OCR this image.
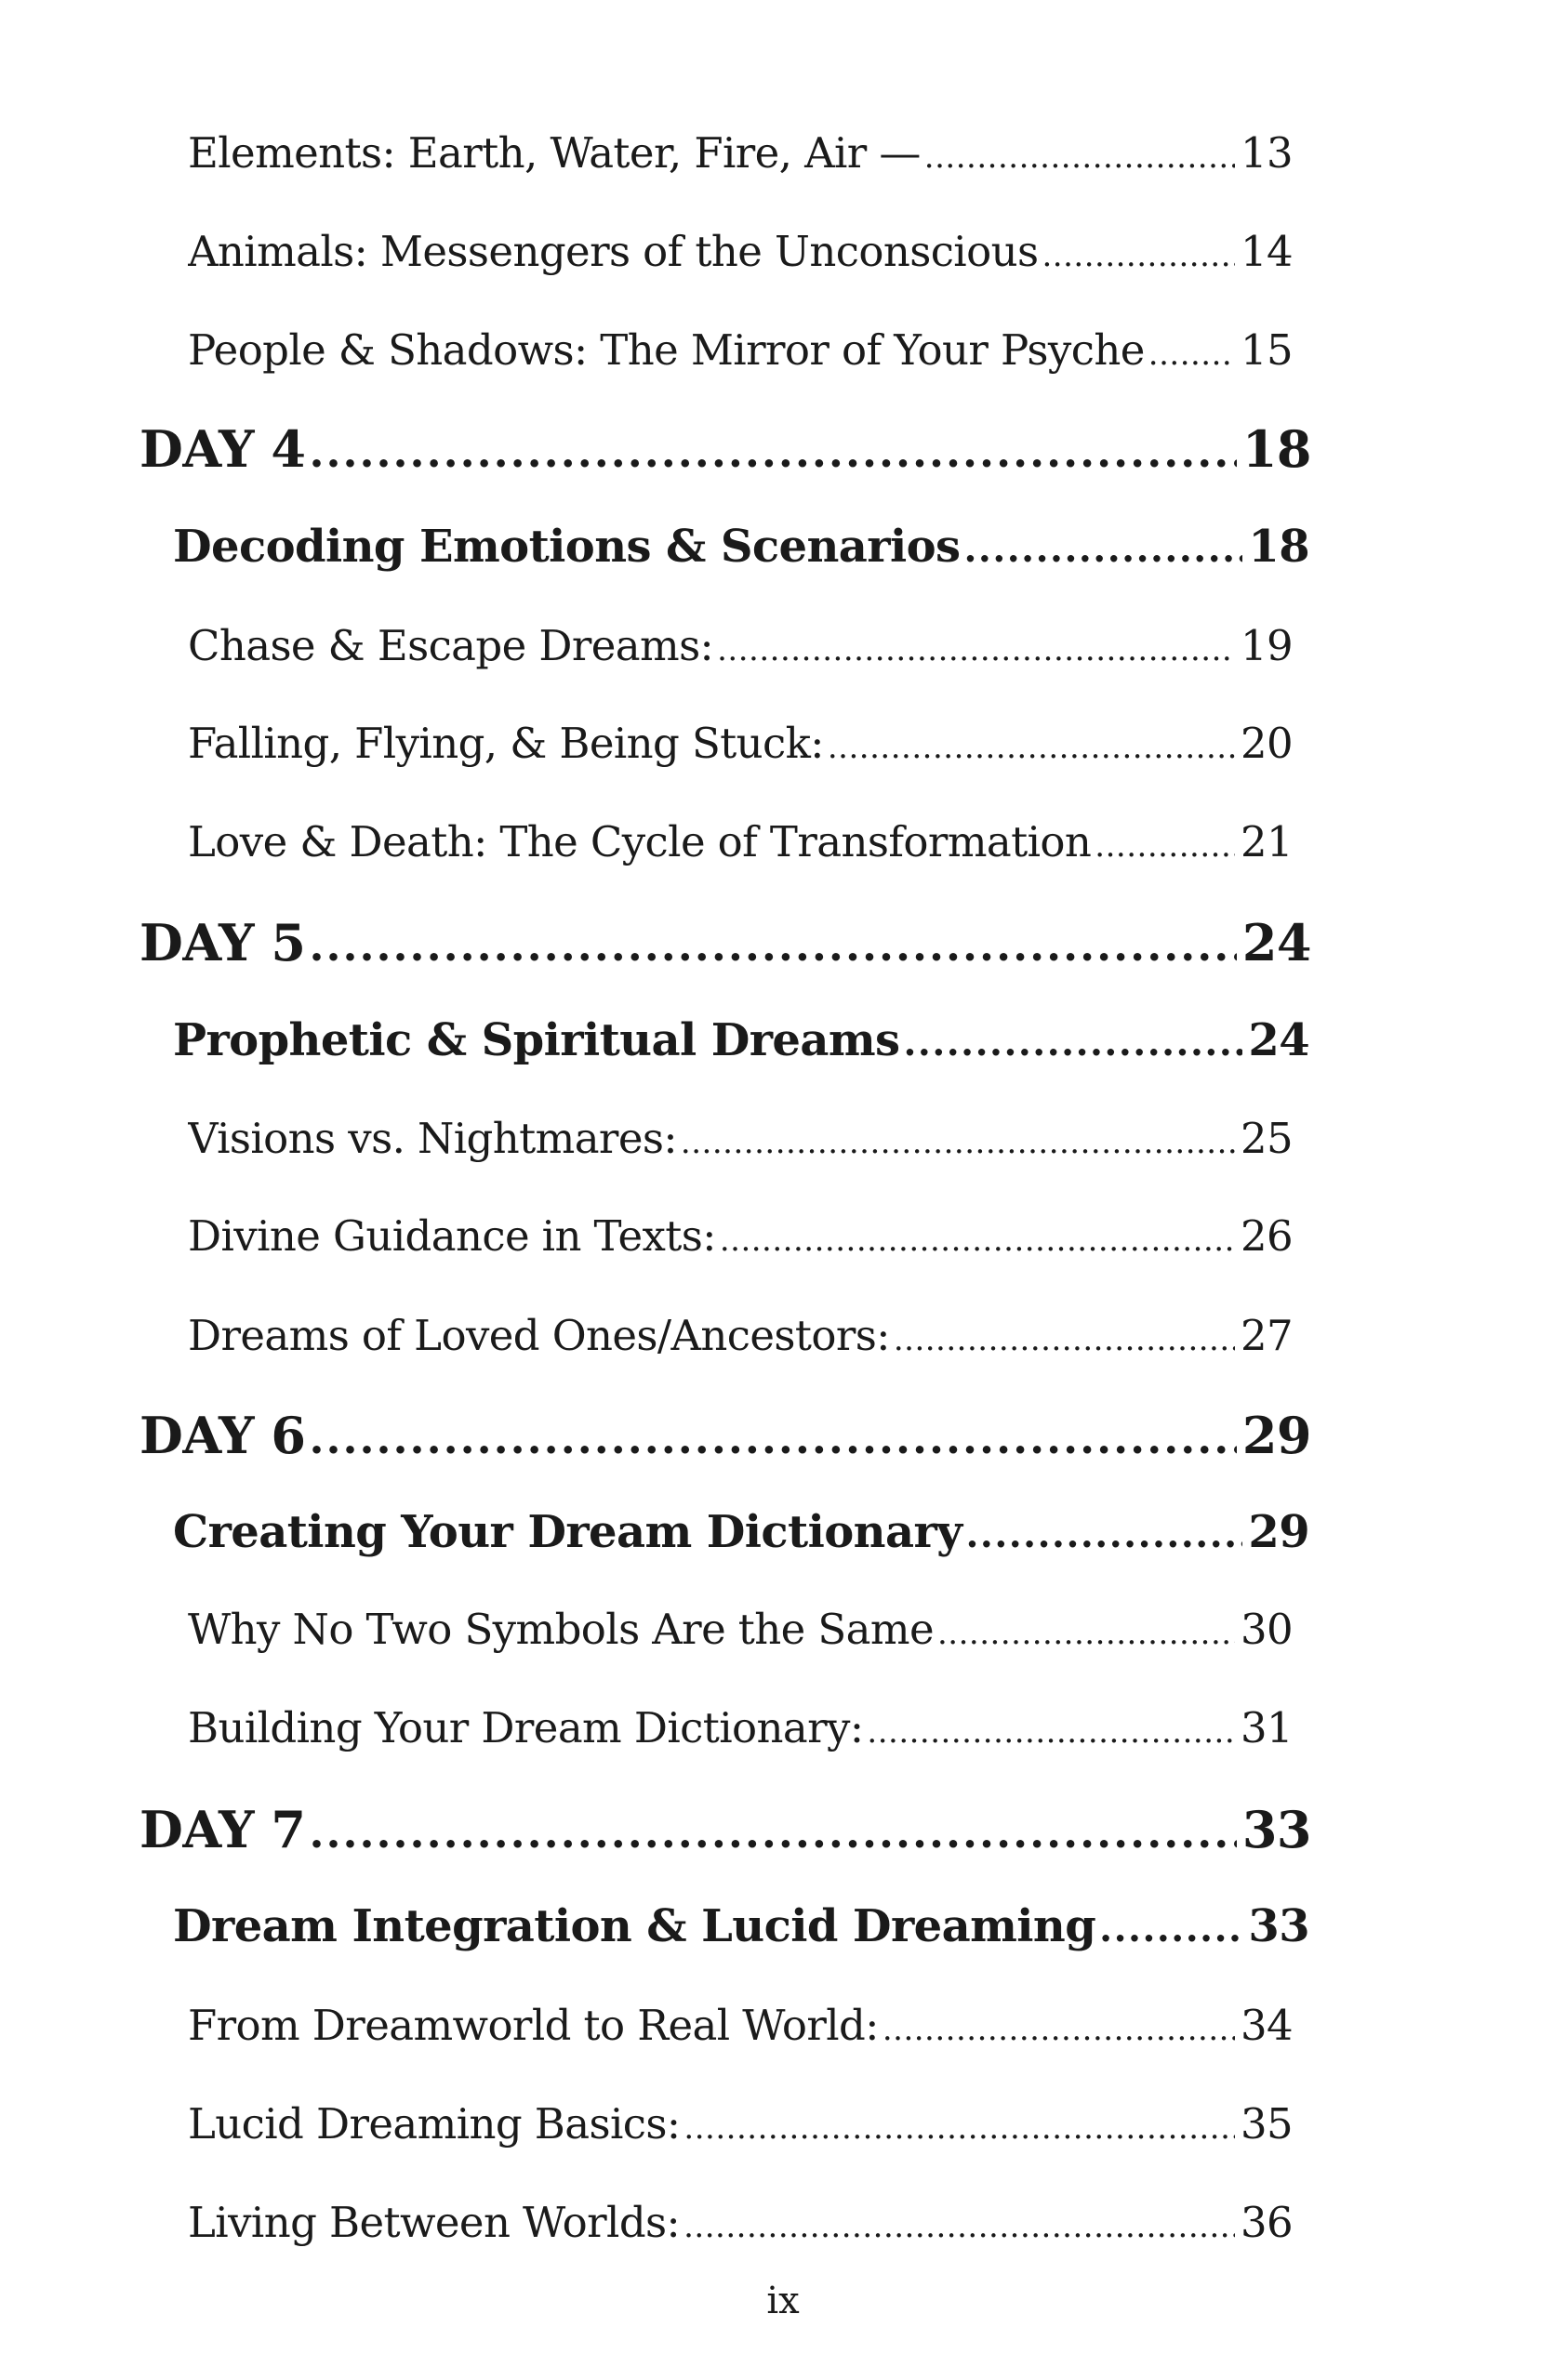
Elements: Earth, Water, Fire, Air — .....	13
Animals: Messengers of the Unconscious .....	14
People & Shadows: The Mirror of Your Psyche ..... 15
DAY 4 .....	18
Decoding Emotions & Scenarios .....	18
Chase & Escape Dreams: .....	19
Falling, Flying, & Being Stuck: .....	20
Love & Death: The Cycle of Transformation .....	21
DAY 5 .....	24
Prophetic & Spiritual Dreams .....	24
Visions vs. Nightmares: .....	25
Divine Guidance in Texts: .....	26
Dreams of Loved Ones/Ancestors: .....	27
DAY 6 .....	29
Creating Your Dream Dictionary .....	29
Why No Two Symbols Are the Same .....	30
Building Your Dream Dictionary: .....	31
DAY 7 .....	33
Dream Integration & Lucid Dreaming .....	33
From Dreamworld to Real World: .....	34
Lucid Dreaming Basics: .....	35
Living Between Worlds: .....	36
ix
